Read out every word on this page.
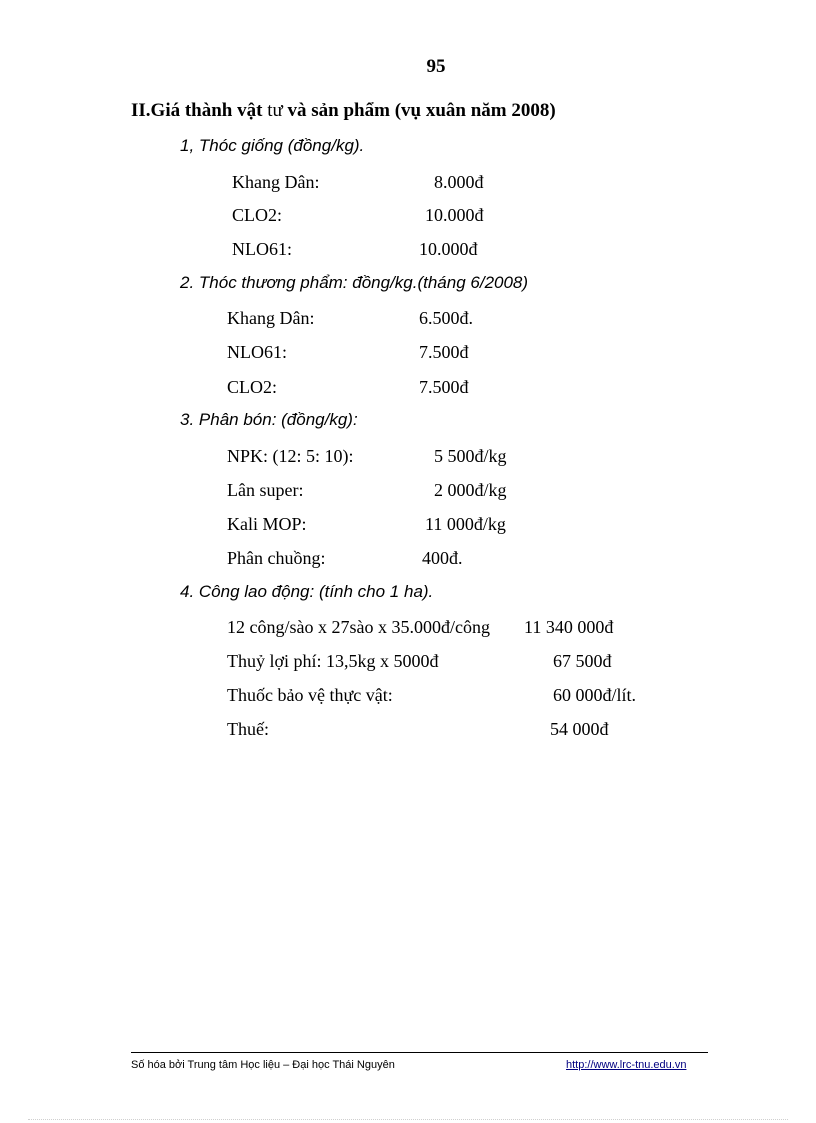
95
II.Giá thành vật tư và sản phẩm (vụ xuân năm 2008)
1, Thóc giống (đồng/kg).
Khang Dân:	8.000đ
CLO2:	10.000đ
NLO61:	10.000đ
2. Thóc thương phẩm: đồng/kg.(tháng 6/2008)
Khang Dân:	6.500đ.
NLO61:	7.500đ
CLO2:	7.500đ
3. Phân bón: (đồng/kg):
NPK: (12: 5: 10):	5 500đ/kg
Lân super:	2 000đ/kg
Kali MOP:	11 000đ/kg
Phân chuồng:	400đ.
4. Công lao động: (tính cho 1 ha).
12 công/sào x 27sào x 35.000đ/công 11 340 000đ
Thuỷ lợi phí: 13,5kg x 5000đ	67 500đ
Thuốc bảo vệ thực vật:	60 000đ/lít.
Thuế:	54 000đ
Số hóa bởi Trung tâm Học liệu – Đại học Thái Nguyên	http://www.lrc-tnu.edu.vn
